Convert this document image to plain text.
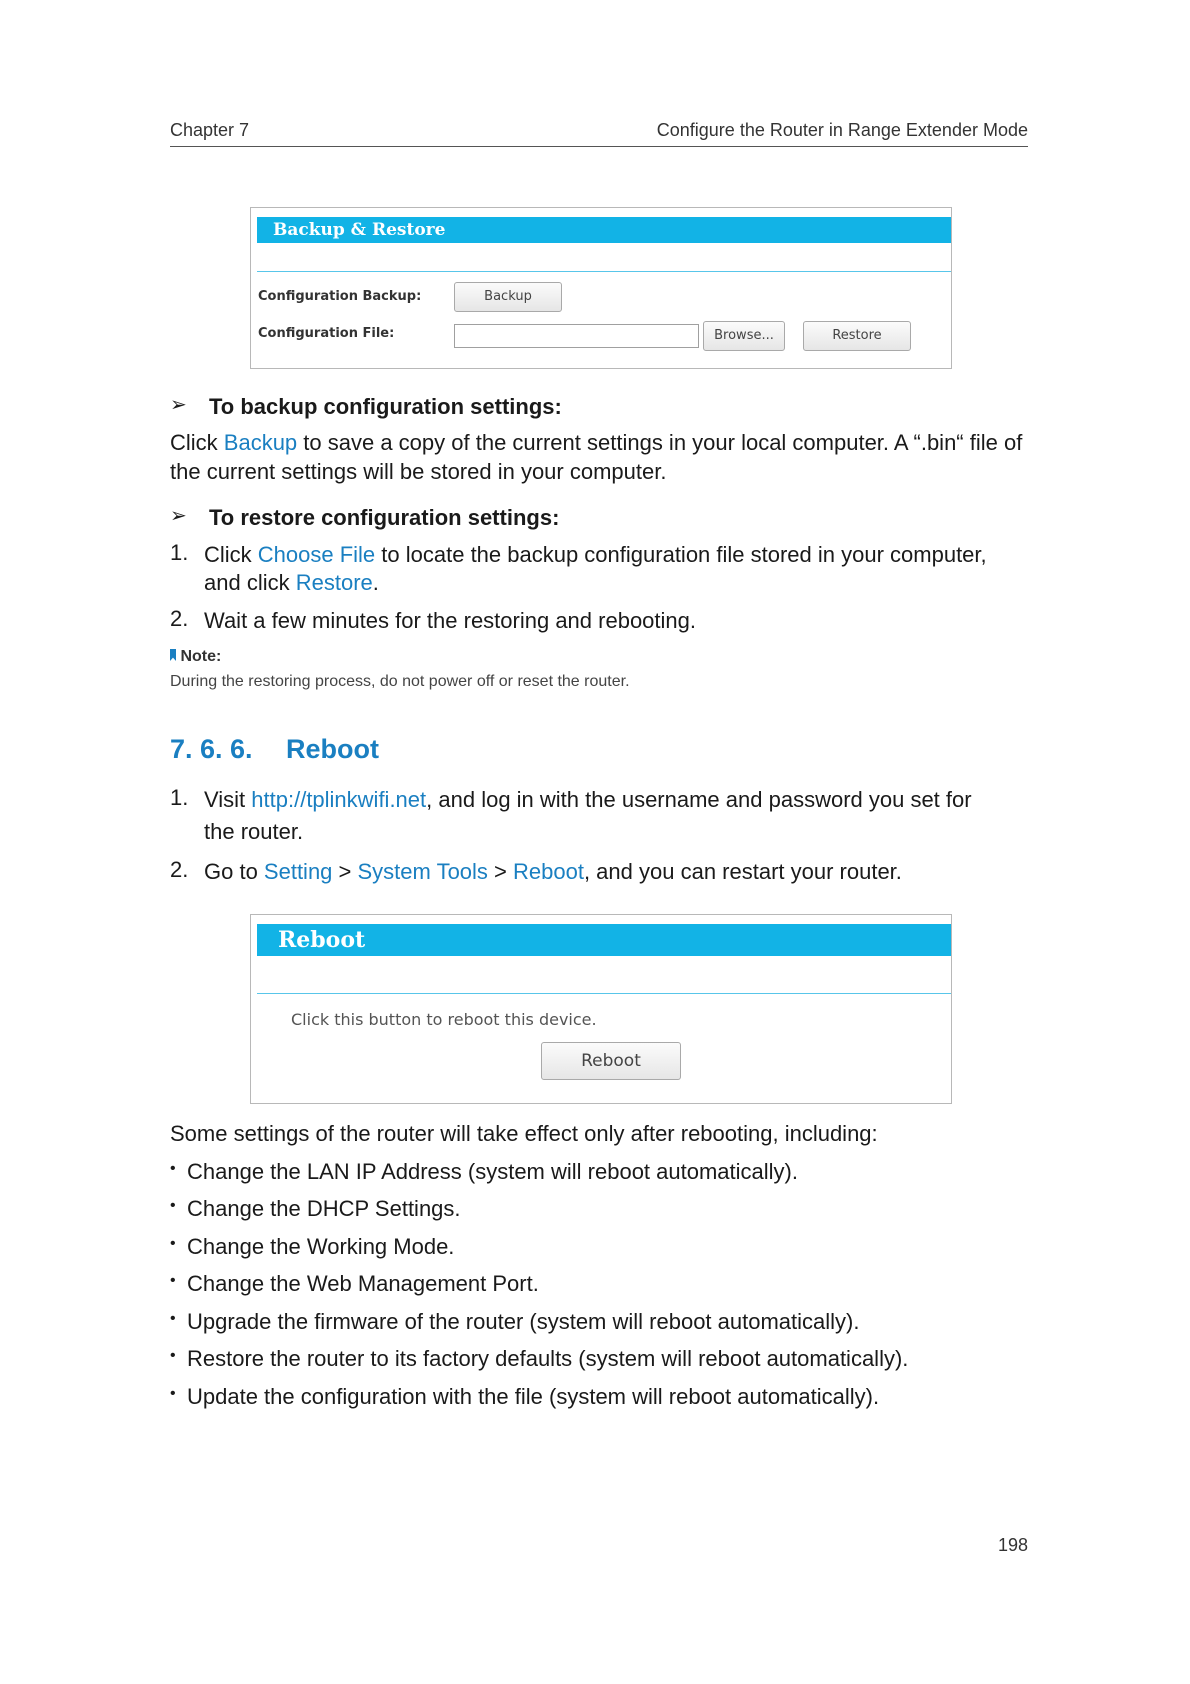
Chapter 7	Configure the Router in Range Extender Mode
Backup & Restore
Configuration Backup:	Backup
Configuration File:	Browse...	Restore
➢ To backup configuration settings:
Click Backup to save a copy of the current settings in your local computer. A “.bin“ file of
the current settings will be stored in your computer.
➢ To restore configuration settings:
1. Click Choose File to locate the backup configuration file stored in your computer,
and click Restore.
2. Wait a few minutes for the restoring and rebooting.
Note:
During the restoring process, do not power off or reset the router.
7. 6. 6. Reboot
1. Visit http://tplinkwifi.net, and log in with the username and password you set for
the router.
2. Go to Setting > System Tools > Reboot, and you can restart your router.
Reboot
Click this button to reboot this device.
Reboot
Some settings of the router will take effect only after rebooting, including:
• Change the LAN IP Address (system will reboot automatically).
• Change the DHCP Settings.
• Change the Working Mode.
• Change the Web Management Port.
• Upgrade the firmware of the router (system will reboot automatically).
• Restore the router to its factory defaults (system will reboot automatically).
• Update the configuration with the file (system will reboot automatically).
198
